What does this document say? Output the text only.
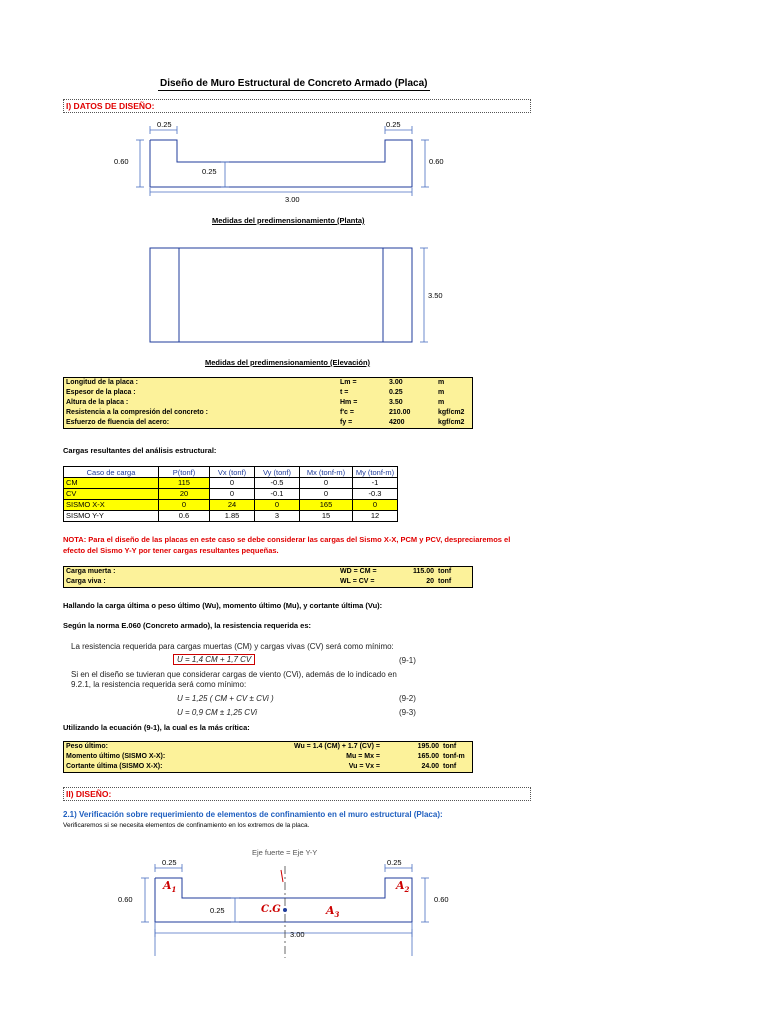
Diseño de Muro Estructural de Concreto Armado (Placa)
I) DATOS DE DISEÑO:
0.25	0.25
0.60	0.60
0.25
3.00
Medidas del predimensionamiento (Planta)
3.50
Medidas del predimensionamiento (Elevación)
Longitud de la placa :	Lm =	3.00	m
Espesor de la placa :	t =	0.25	m
Altura de la placa :	Hm =	3.50	m
Resistencia a la compresión del concreto :	f'c =	210.00	kgf/cm2
Esfuerzo de fluencia del acero:	fy =	4200	kgf/cm2
Cargas resultantes del análisis estructural:
Caso de carga	P(tonf)	Vx (tonf)	Vy (tonf)	Mx (tonf-m)	My (tonf-m)
CM	115	0	-0.5	0	-1
CV	20	0	-0.1	0	-0.3
SISMO X-X	0	24	0	165	0
SISMO Y-Y	0.6	1.85	3	15	12
NOTA: Para el diseño de las placas en este caso se debe considerar las cargas del Sismo X-X, PCM y PCV, despreciaremos el efecto del Sismo Y-Y por tener cargas resultantes pequeñas.
Carga muerta :	WD = CM =	115.00	tonf
Carga viva :	WL = CV =	20	tonf
Hallando la carga última o peso último (Wu), momento último (Mu), y cortante última (Vu):
Según la norma E.060 (Concreto armado), la resistencia requerida es:
La resistencia requerida para cargas muertas (CM) y cargas vivas (CV) será como mínimo:
U = 1,4 CM + 1,7 CV	(9-1)
Si en el diseño se tuvieran que considerar cargas de viento (CVi), además de lo indicado en
9.2.1, la resistencia requerida será como mínimo:
U = 1,25 ( CM + CV ± CVi )	(9-2)
U = 0,9 CM ± 1,25 CVi	(9-3)
Utilizando la ecuación (9-1), la cual es la más crítica:
Peso último:	Wu = 1.4 (CM) + 1.7 (CV) =	195.00	tonf
Momento último (SISMO X-X):	Mu = Mx =	165.00	tonf-m
Cortante última (SISMO X-X):	Vu = Vx =	24.00	tonf
II) DISEÑO:
2.1) Verificación sobre requerimiento de elementos de confinamiento en el muro estructural (Placa):
Verificaremos si se necesita elementos de confinamiento en los extremos de la placa.
Eje fuerte = Eje Y-Y
0.25	0.25
0.60	0.60
0.25
3.00
$A_1$	$A_2$
$A_3$
C.G
